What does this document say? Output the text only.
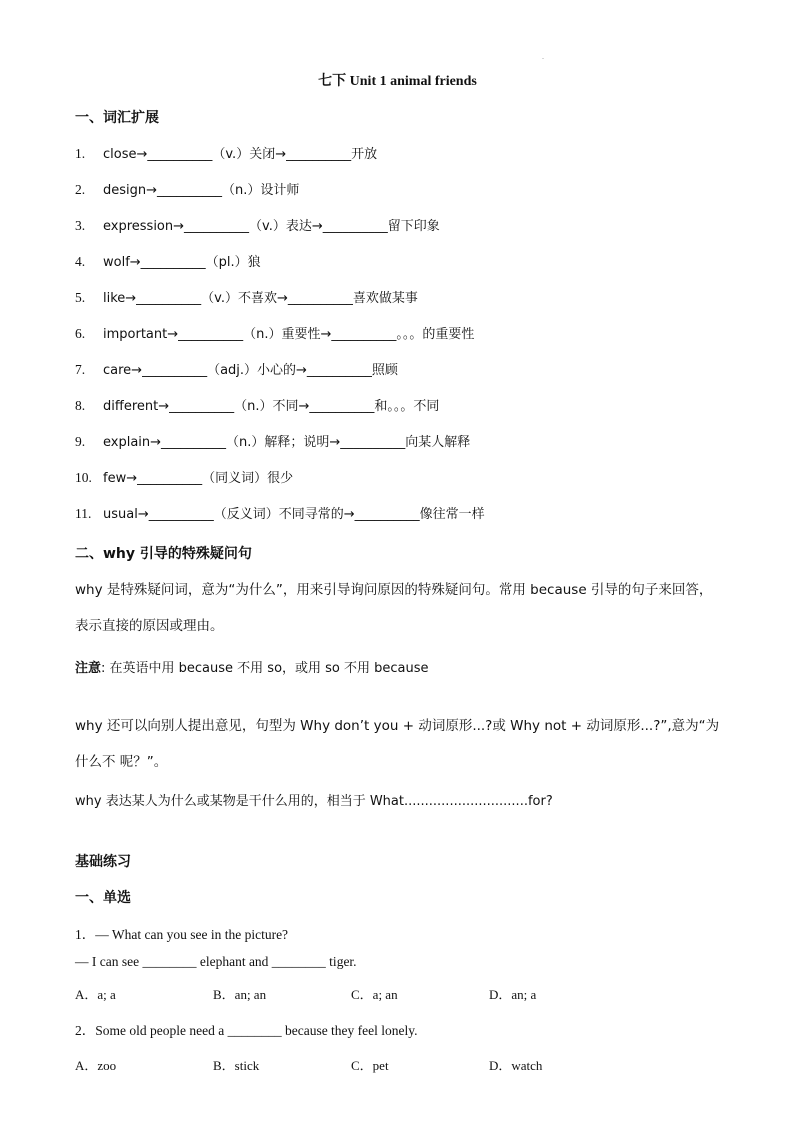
.
七下 Unit 1 animal friends
一、词汇扩展
1. close→__________（v.）关闭→__________开放
2. design→__________（n.）设计师
3. expression→__________（v.）表达→__________留下印象
4. wolf→__________（pl.）狼
5. like→__________（v.）不喜欢→__________喜欢做某事
6. important→__________（n.）重要性→__________。。。的重要性
7. care→__________（adj.）小心的→__________照顾
8. different→__________（n.）不同→__________和。。。不同
9. explain→__________（n.）解释；说明→__________向某人解释
10. few→__________（同义词）很少
11. usual→__________（反义词）不同寻常的→__________像往常一样
二、why 引导的特殊疑问句
why 是特殊疑问词，意为“为什么”，用来引导询问原因的特殊疑问句。常用 because 引导的句子来回答，表示直接的原因或理由。
注意: 在英语中用 because 不用 so，或用 so 不用 because
why 还可以向别人提出意见，句型为 Why don’t you + 动词原形...?或 Why not + 动词原形...?”,意为“为什么不 呢？”。
why 表达某人为什么或某物是干什么用的，相当于 What..............................for?
基础练习
一、单选
1．— What can you see in the picture?
— I can see ________ elephant and ________ tiger.
A．a; a	B．an; an	C．a; an	D．an; a
2．Some old people need a ________ because they feel lonely.
A．zoo	B．stick	C．pet	D．watch
